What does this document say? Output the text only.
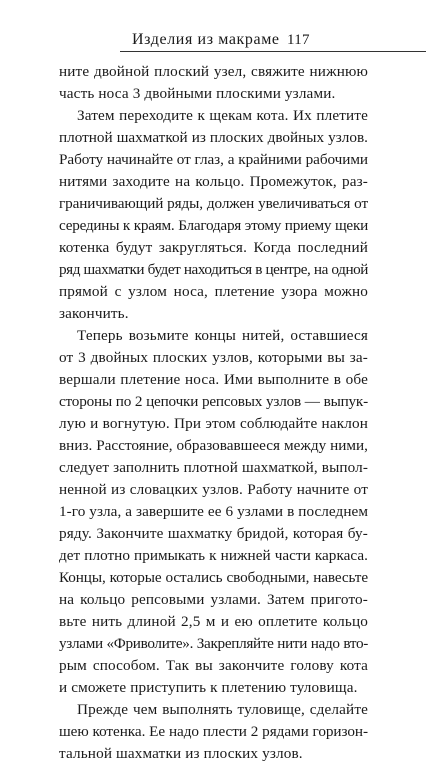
Изделия из макраме 117

ните двойной плоский узел, свяжите нижнюю
часть носа 3 двойными плоскими узлами.

Затем переходите к щекам кота. Их плетите
плотной шахматкой из плоских двойных узлов.
Работу начинайте от глаз, а крайними рабочими
нитями заходите на кольцо. Промежуток, раз-
граничивающий ряды, должен увеличиваться от
середины к краям. Благодаря этому приему щеки
котенка будут закругляться. Когда последний
ряд шахматки будет находиться в центре, на одной
прямой с узлом носа, плетение узора можно
закончить.

Теперь возьмите концы нитей, оставшиеся
от 3 двойных плоских узлов, которыми вы за-
вершали плетение носа. Ими выполните в обе
стороны по 2 цепочки репсовых узлов — выпук-
лую и вогнутую. При этом соблюдайте наклон
вниз. Расстояние, образовавшееся между ними,
следует заполнить плотной шахматкой, выпол-
ненной из словацких узлов. Работу начните от
1-го узла, а завершите ее 6 узлами в последнем
ряду. Закончите шахматку бридой, которая бу-
дет плотно примыкать к нижней части каркаса.
Концы, которые остались свободными, навесьте
на кольцо репсовыми узлами. Затем пригото-
вьте нить длиной 2,5 м и ею оплетите кольцо
узлами «Фриволите». Закрепляйте нити надо вто-
рым способом. Так вы закончите голову кота
и сможете приступить к плетению туловища.

Прежде чем выполнять туловище, сделайте
шею котенка. Ее надо плести 2 рядами горизон-
тальной шахматки из плоских узлов.
